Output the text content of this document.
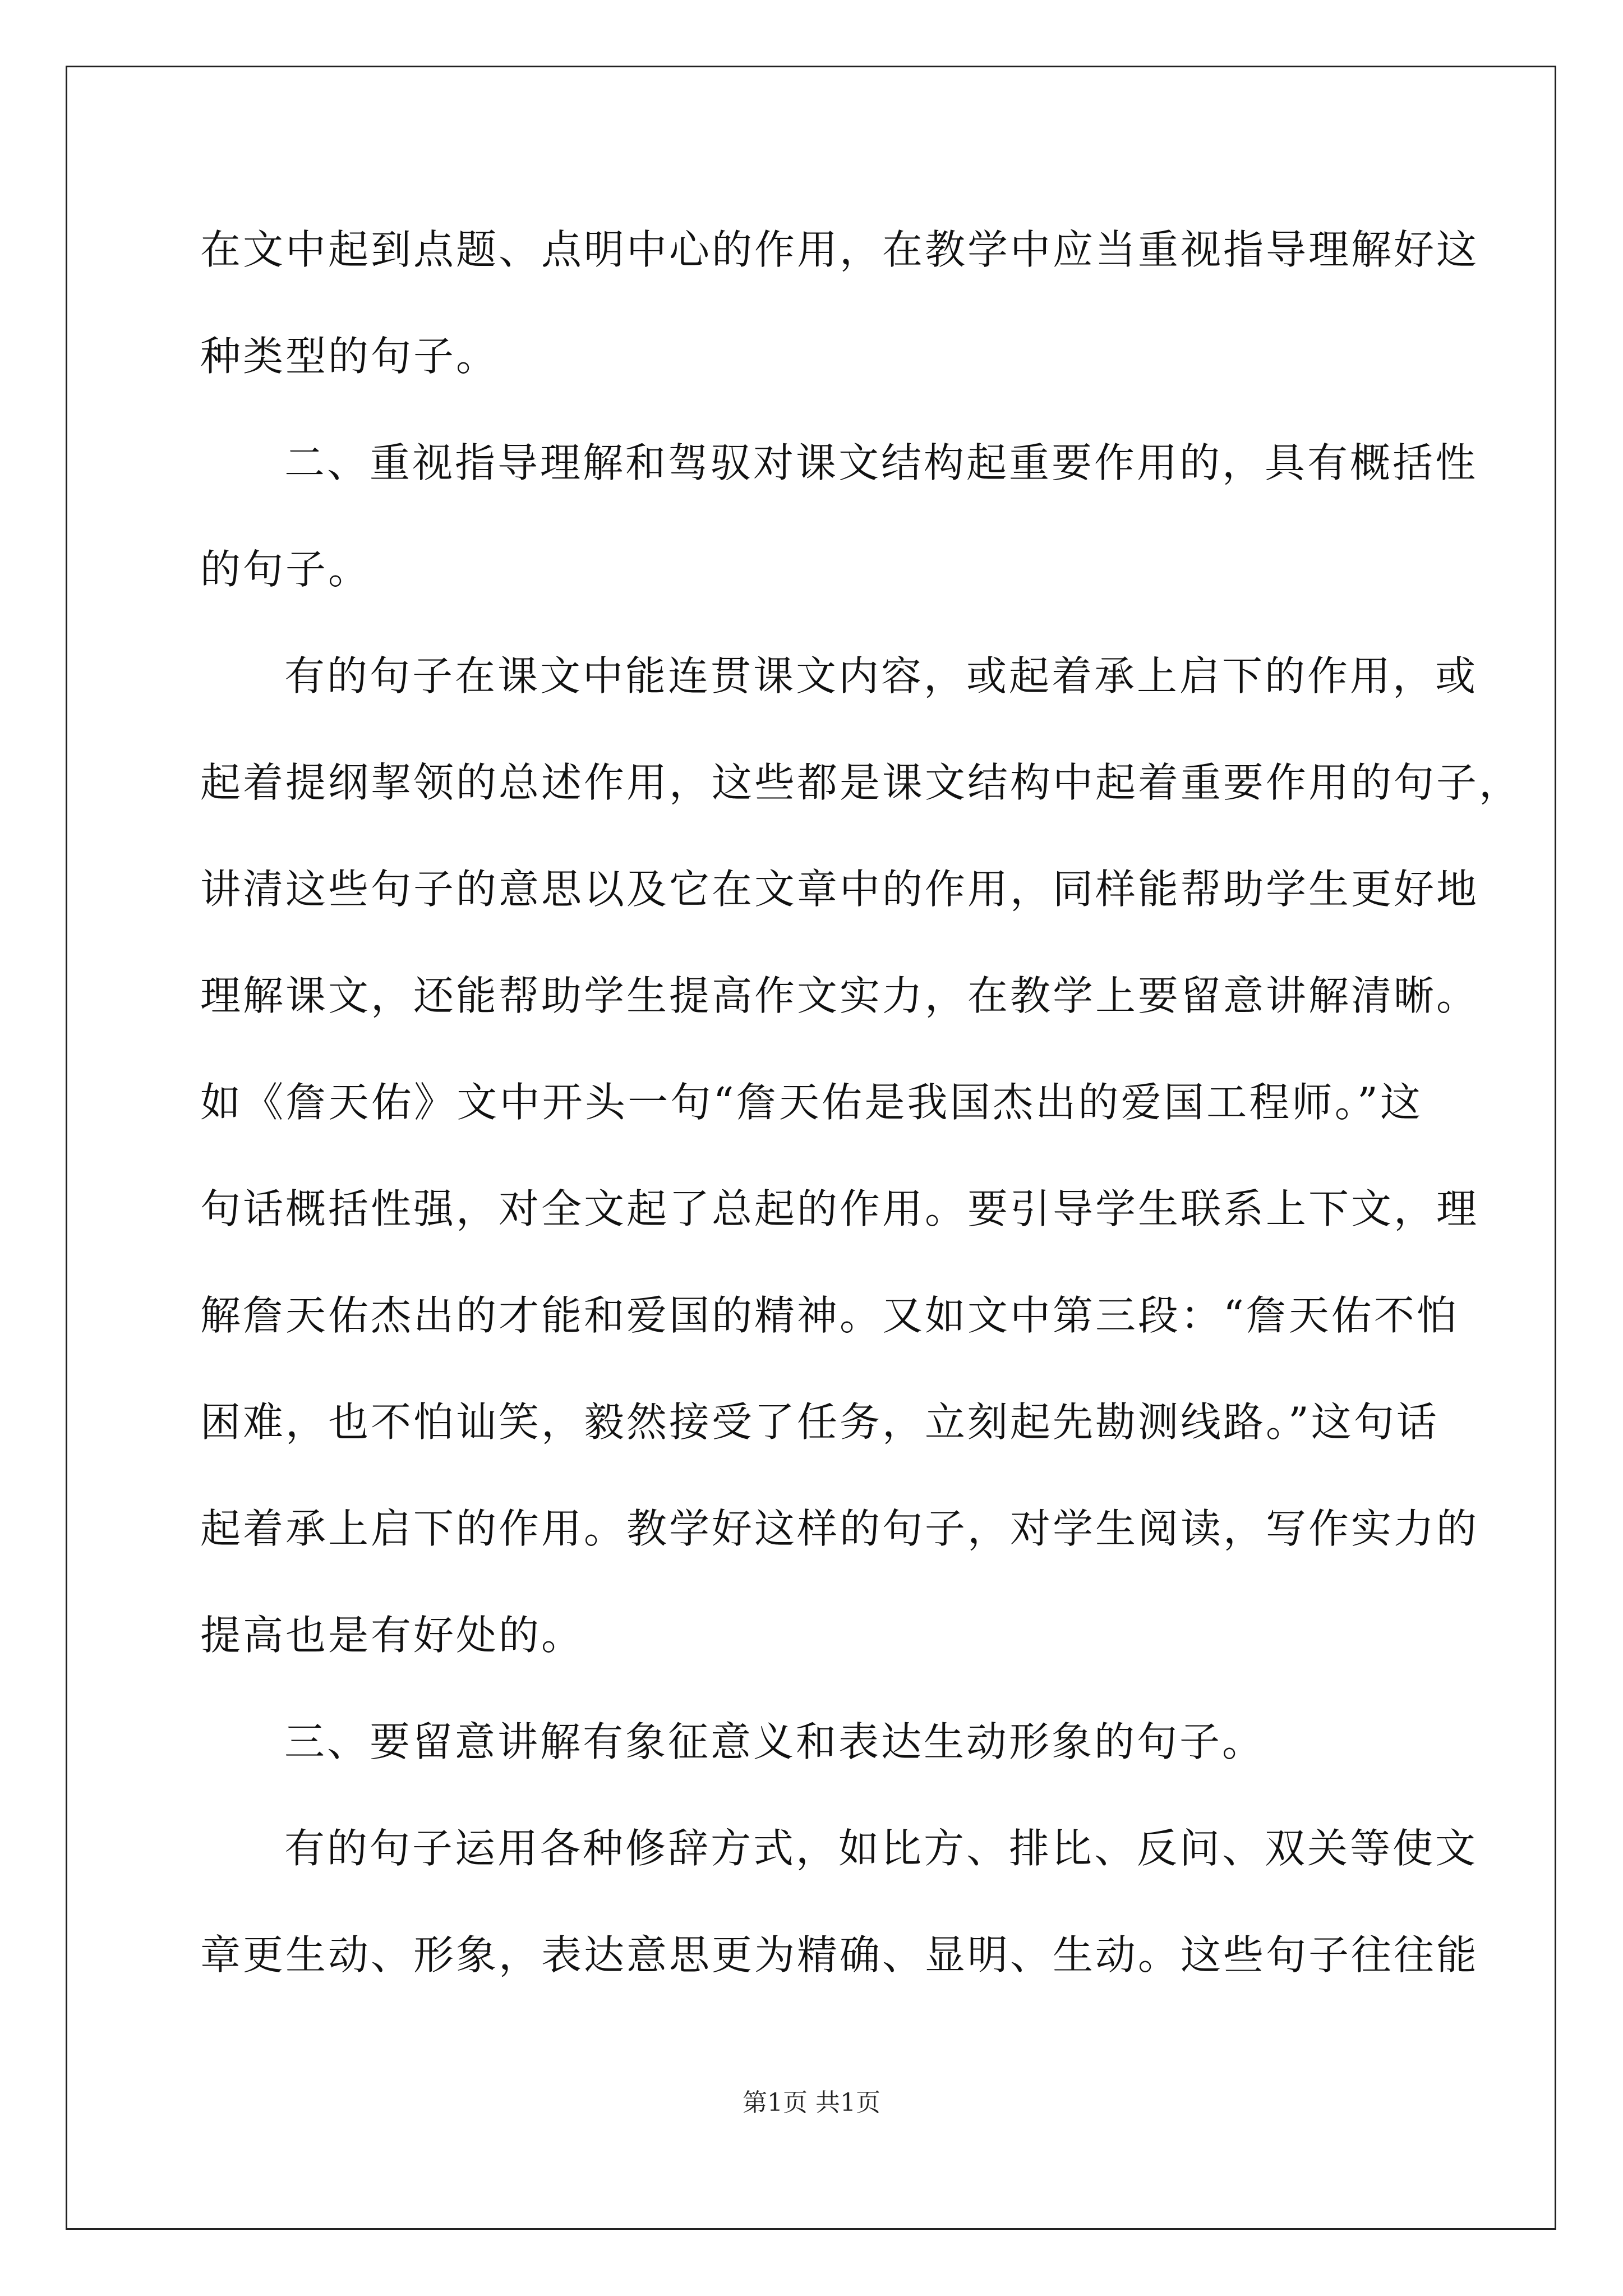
在文中起到点题、点明中心的作用，在教学中应当重视指导理解好这
种类型的句子。
二、重视指导理解和驾驭对课文结构起重要作用的，具有概括性
的句子。
有的句子在课文中能连贯课文内容，或起着承上启下的作用，或
起着提纲挈领的总述作用，这些都是课文结构中起着重要作用的句子，
讲清这些句子的意思以及它在文章中的作用，同样能帮助学生更好地
理解课文，还能帮助学生提高作文实力，在教学上要留意讲解清晰。
如《詹天佑》文中开头一句“詹天佑是我国杰出的爱国工程师。”这
句话概括性强，对全文起了总起的作用。要引导学生联系上下文，理
解詹天佑杰出的才能和爱国的精神。又如文中第三段：“詹天佑不怕
困难，也不怕讪笑，毅然接受了任务，立刻起先勘测线路。”这句话
起着承上启下的作用。教学好这样的句子，对学生阅读，写作实力的
提高也是有好处的。
三、要留意讲解有象征意义和表达生动形象的句子。
有的句子运用各种修辞方式，如比方、排比、反问、双关等使文
章更生动、形象，表达意思更为精确、显明、生动。这些句子往往能
第1页 共1页
